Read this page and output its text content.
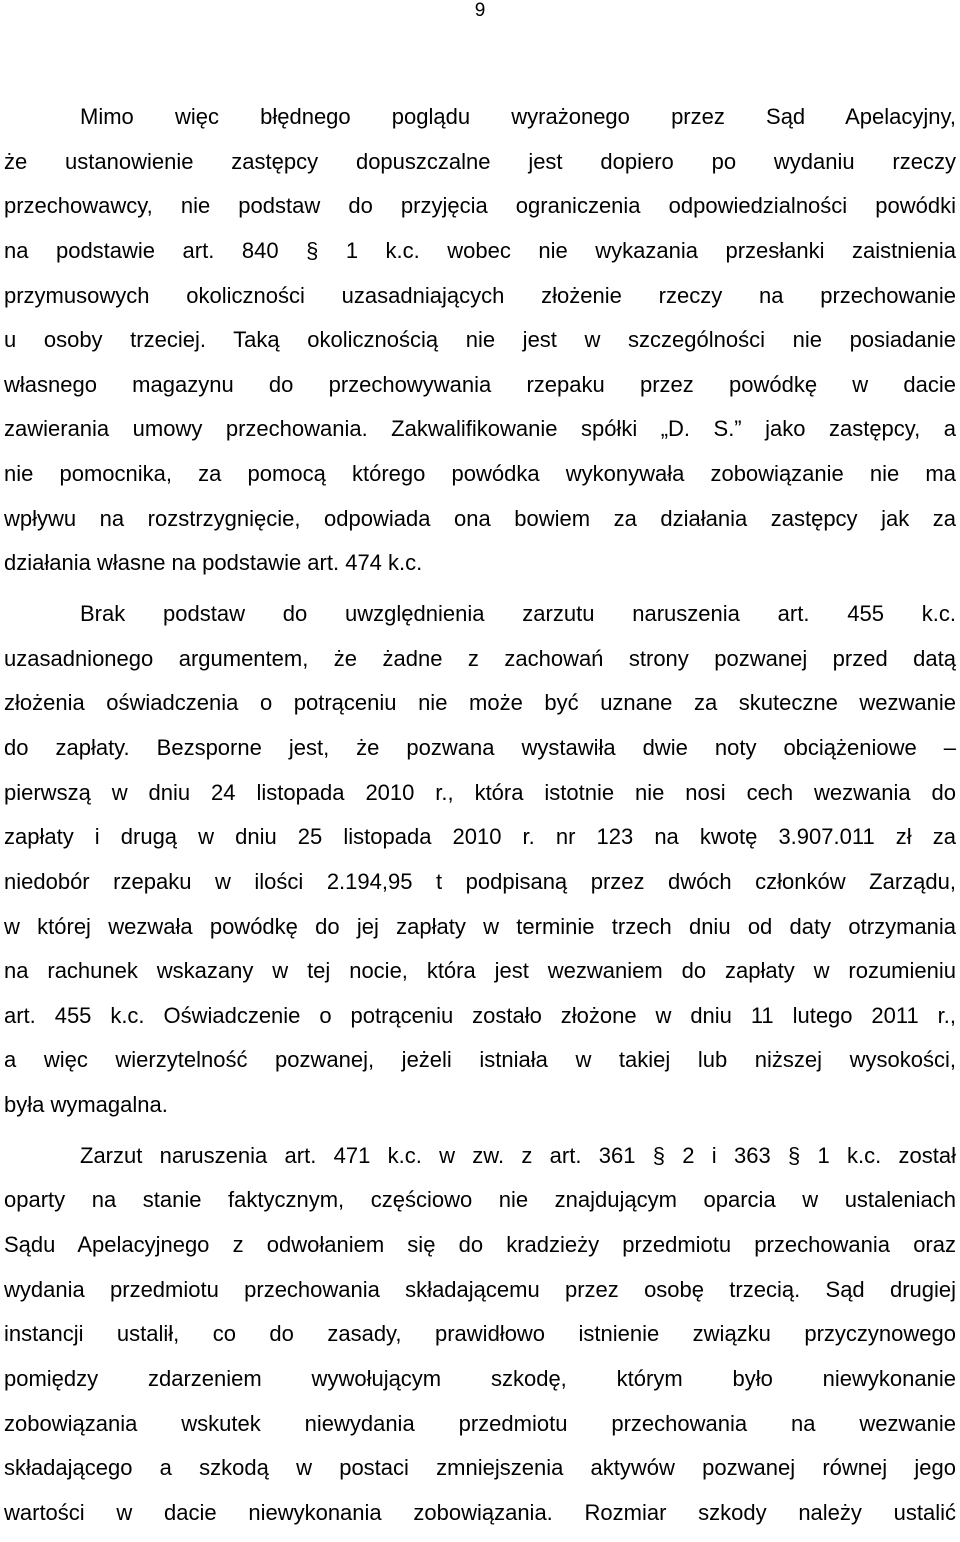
9
Mimo więc błędnego poglądu wyrażonego przez Sąd Apelacyjny,
że ustanowienie zastępcy dopuszczalne jest dopiero po wydaniu rzeczy
przechowawcy, nie podstaw do przyjęcia ograniczenia odpowiedzialności powódki
na podstawie art. 840 § 1 k.c. wobec nie wykazania przesłanki zaistnienia
przymusowych okoliczności uzasadniających złożenie rzeczy na przechowanie
u osoby trzeciej. Taką okolicznością nie jest w szczególności nie posiadanie
własnego magazynu do przechowywania rzepaku przez powódkę w dacie
zawierania umowy przechowania. Zakwalifikowanie spółki „D. S.” jako zastępcy, a
nie pomocnika, za pomocą którego powódka wykonywała zobowiązanie nie ma
wpływu na rozstrzygnięcie, odpowiada ona bowiem za działania zastępcy jak za
działania własne na podstawie art. 474 k.c.
Brak podstaw do uwzględnienia zarzutu naruszenia art. 455 k.c.
uzasadnionego argumentem, że żadne z zachowań strony pozwanej przed datą
złożenia oświadczenia o potrąceniu nie może być uznane za skuteczne wezwanie
do zapłaty. Bezsporne jest, że pozwana wystawiła dwie noty obciążeniowe –
pierwszą w dniu 24 listopada 2010 r., która istotnie nie nosi cech wezwania do
zapłaty i drugą w dniu 25 listopada 2010 r. nr 123 na kwotę 3.907.011 zł za
niedobór rzepaku w ilości 2.194,95 t podpisaną przez dwóch członków Zarządu,
w której wezwała powódkę do jej zapłaty w terminie trzech dniu od daty otrzymania
na rachunek wskazany w tej nocie, która jest wezwaniem do zapłaty w rozumieniu
art. 455 k.c. Oświadczenie o potrąceniu zostało złożone w dniu 11 lutego 2011 r.,
a więc wierzytelność pozwanej, jeżeli istniała w takiej lub niższej wysokości,
była wymagalna.
Zarzut naruszenia art. 471 k.c. w zw. z art. 361 § 2 i 363 § 1 k.c. został
oparty na stanie faktycznym, częściowo nie znajdującym oparcia w ustaleniach
Sądu Apelacyjnego z odwołaniem się do kradzieży przedmiotu przechowania oraz
wydania przedmiotu przechowania składającemu przez osobę trzecią. Sąd drugiej
instancji ustalił, co do zasady, prawidłowo istnienie związku przyczynowego
pomiędzy zdarzeniem wywołującym szkodę, którym było niewykonanie
zobowiązania wskutek niewydania przedmiotu przechowania na wezwanie
składającego a szkodą w postaci zmniejszenia aktywów pozwanej równej jego
wartości w dacie niewykonania zobowiązania. Rozmiar szkody należy ustalić
